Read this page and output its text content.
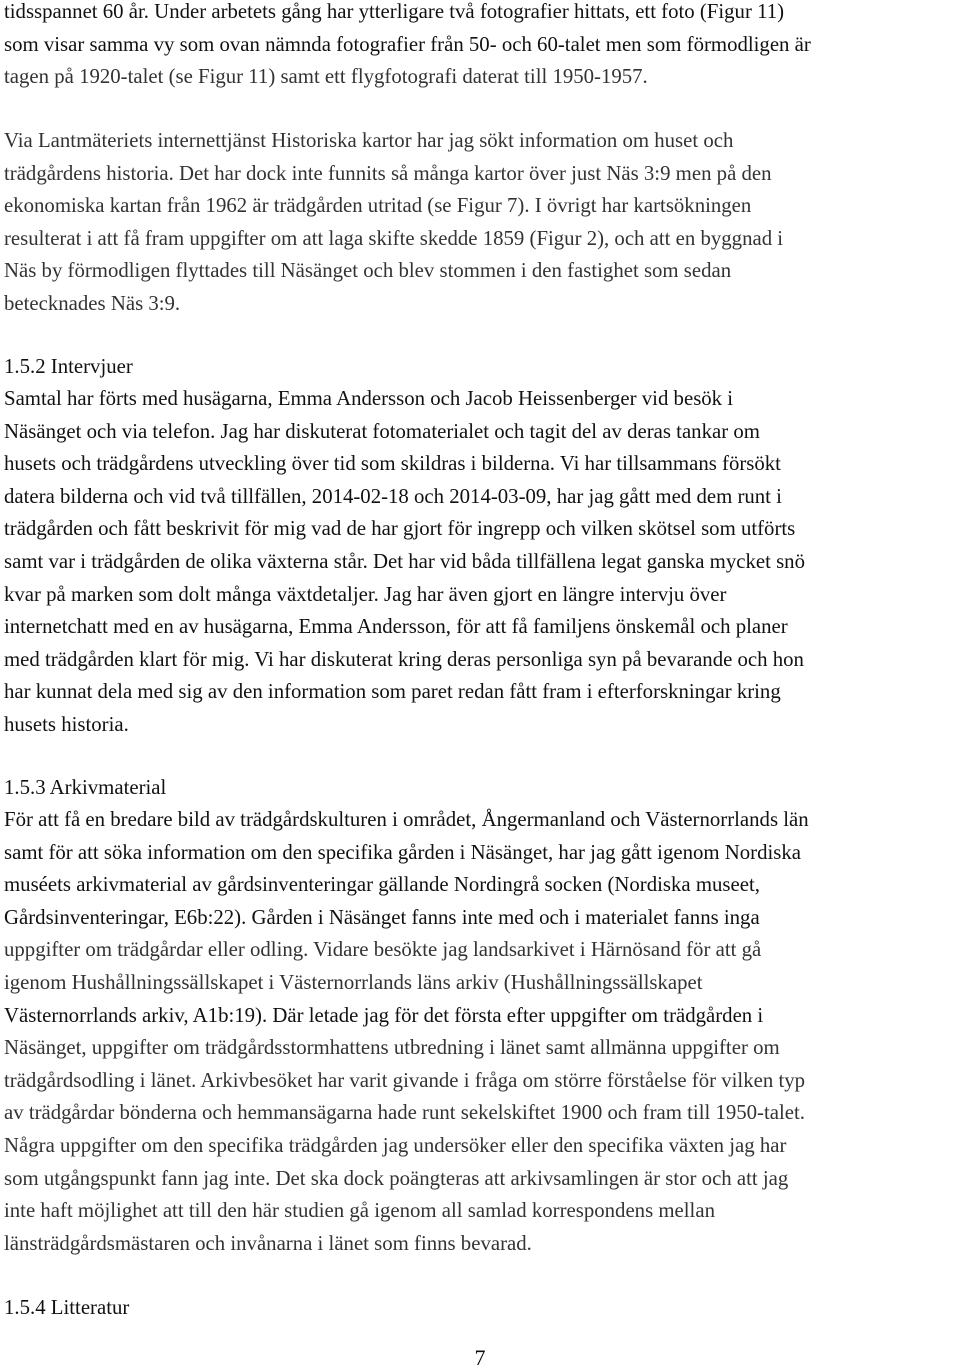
tidsspannet 60 år. Under arbetets gång har ytterligare två fotografier hittats, ett foto (Figur 11)
som visar samma vy som ovan nämnda fotografier från 50- och 60-talet men som förmodligen är
tagen på 1920-talet (se Figur 11) samt ett flygfotografi daterat till 1950-1957.
Via Lantmäteriets internettjänst Historiska kartor har jag sökt information om huset och
trädgårdens historia. Det har dock inte funnits så många kartor över just Näs 3:9 men på den
ekonomiska kartan från 1962 är trädgården utritad (se Figur 7). I övrigt har kartsökningen
resulterat i att få fram uppgifter om att laga skifte skedde 1859 (Figur 2), och att en byggnad i
Näs by förmodligen flyttades till Näsänget och blev stommen i den fastighet som sedan
betecknades Näs 3:9.
1.5.2 Intervjuer
Samtal har förts med husägarna, Emma Andersson och Jacob Heissenberger vid besök i
Näsänget och via telefon. Jag har diskuterat fotomaterialet och tagit del av deras tankar om
husets och trädgårdens utveckling över tid som skildras i bilderna. Vi har tillsammans försökt
datera bilderna och vid två tillfällen, 2014-02-18 och 2014-03-09, har jag gått med dem runt i
trädgården och fått beskrivit för mig vad de har gjort för ingrepp och vilken skötsel som utförts
samt var i trädgården de olika växterna står. Det har vid båda tillfällena legat ganska mycket snö
kvar på marken som dolt många växtdetaljer. Jag har även gjort en längre intervju över
internetchatt med en av husägarna, Emma Andersson, för att få familjens önskemål och planer
med trädgården klart för mig. Vi har diskuterat kring deras personliga syn på bevarande och hon
har kunnat dela med sig av den information som paret redan fått fram i efterforskningar kring
husets historia.
1.5.3 Arkivmaterial
För att få en bredare bild av trädgårdskulturen i området, Ångermanland och Västernorrlands län
samt för att söka information om den specifika gården i Näsänget, har jag gått igenom Nordiska
muséets arkivmaterial av gårdsinventeringar gällande Nordingrå socken (Nordiska museet,
Gårdsinventeringar, E6b:22). Gården i Näsänget fanns inte med och i materialet fanns inga
uppgifter om trädgårdar eller odling. Vidare besökte jag landsarkivet i Härnösand för att gå
igenom Hushållningssällskapet i Västernorrlands läns arkiv (Hushållningssällskapet
Västernorrlands arkiv, A1b:19). Där letade jag för det första efter uppgifter om trädgården i
Näsänget, uppgifter om trädgårdsstormhattens utbredning i länet samt allmänna uppgifter om
trädgårdsodling i länet. Arkivbesöket har varit givande i fråga om större förståelse för vilken typ
av trädgårdar bönderna och hemmansägarna hade runt sekelskiftet 1900 och fram till 1950-talet.
Några uppgifter om den specifika trädgården jag undersöker eller den specifika växten jag har
som utgångspunkt fann jag inte. Det ska dock poängteras att arkivsamlingen är stor och att jag
inte haft möjlighet att till den här studien gå igenom all samlad korrespondens mellan
länsträdgårdsmästaren och invånarna i länet som finns bevarad.
1.5.4 Litteratur
7
